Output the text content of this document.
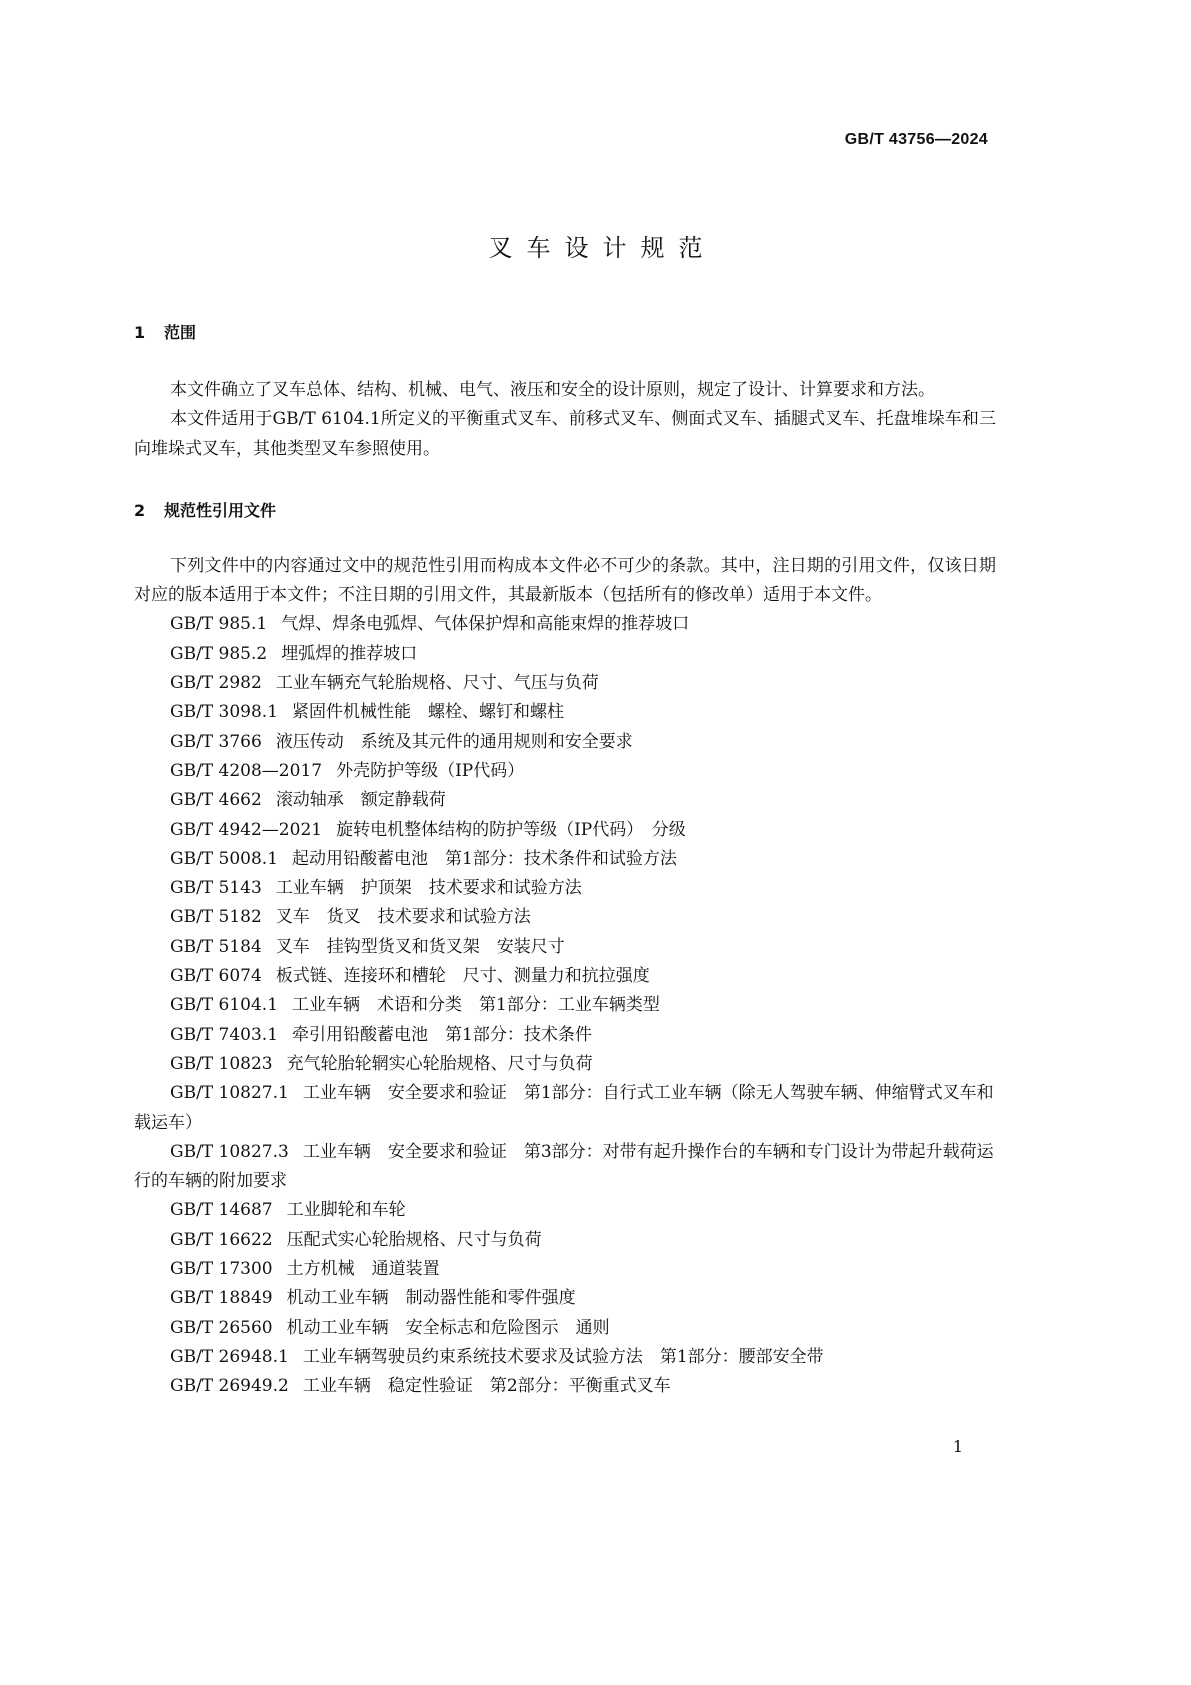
GB/T 43756—2024
叉车设计规范
1	范围

本文件确立了叉车总体、结构、机械、电气、液压和安全的设计原则，规定了设计、计算要求和方法。

本文件适用于GB/T 6104.1所定义的平衡重式叉车、前移式叉车、侧面式叉车、插腿式叉车、托盘堆垛车和三向堆垛式叉车，其他类型叉车参照使用。

2	规范性引用文件

下列文件中的内容通过文中的规范性引用而构成本文件必不可少的条款。其中，注日期的引用文件，仅该日期对应的版本适用于本文件；不注日期的引用文件，其最新版本（包括所有的修改单）适用于本文件。

GB/T 985.1 气焊、焊条电弧焊、气体保护焊和高能束焊的推荐坡口
GB/T 985.2 埋弧焊的推荐坡口
GB/T 2982 工业车辆充气轮胎规格、尺寸、气压与负荷
GB/T 3098.1 紧固件机械性能　螺栓、螺钉和螺柱
GB/T 3766 液压传动　系统及其元件的通用规则和安全要求
GB/T 4208—2017 外壳防护等级（IP代码）
GB/T 4662 滚动轴承　额定静载荷
GB/T 4942—2021 旋转电机整体结构的防护等级（IP代码）　分级
GB/T 5008.1 起动用铅酸蓄电池　第1部分：技术条件和试验方法
GB/T 5143 工业车辆　护顶架　技术要求和试验方法
GB/T 5182 叉车　货叉　技术要求和试验方法
GB/T 5184 叉车　挂钩型货叉和货叉架　安装尺寸
GB/T 6074 板式链、连接环和槽轮　尺寸、测量力和抗拉强度
GB/T 6104.1 工业车辆　术语和分类　第1部分：工业车辆类型
GB/T 7403.1 牵引用铅酸蓄电池　第1部分：技术条件
GB/T 10823 充气轮胎轮辋实心轮胎规格、尺寸与负荷
GB/T 10827.1 工业车辆　安全要求和验证　第1部分：自行式工业车辆（除无人驾驶车辆、伸缩臂式叉车和载运车）
GB/T 10827.3 工业车辆　安全要求和验证　第3部分：对带有起升操作台的车辆和专门设计为带起升载荷运行的车辆的附加要求
GB/T 14687 工业脚轮和车轮
GB/T 16622 压配式实心轮胎规格、尺寸与负荷
GB/T 17300 土方机械　通道装置
GB/T 18849 机动工业车辆　制动器性能和零件强度
GB/T 26560 机动工业车辆　安全标志和危险图示　通则
GB/T 26948.1 工业车辆驾驶员约束系统技术要求及试验方法　第1部分：腰部安全带
GB/T 26949.2 工业车辆　稳定性验证　第2部分：平衡重式叉车
1
